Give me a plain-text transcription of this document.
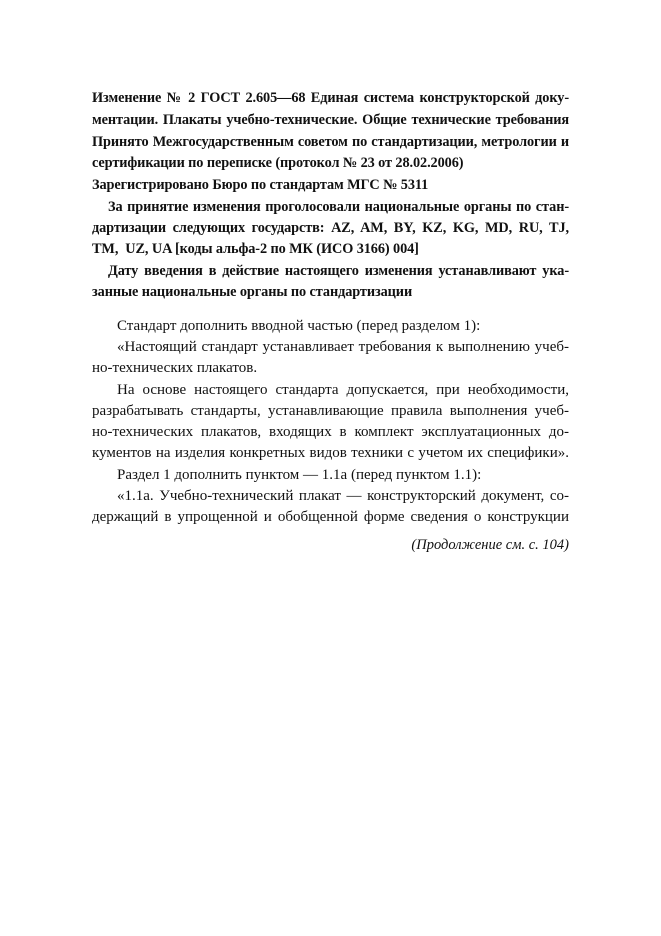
Изменение № 2 ГОСТ 2.605—68 Единая система конструкторской доку-
ментации. Плакаты учебно-технические. Общие технические требования
Принято Межгосударственным советом по стандартизации, метрологии и
сертификации по переписке (протокол № 23 от 28.02.2006)
Зарегистрировано Бюро по стандартам МГС № 5311
За принятие изменения проголосовали национальные органы по стан-
дартизации следующих государств: AZ, AM, BY, KZ, KG, MD, RU, TJ,
TM,  UZ, UA [коды альфа-2 по МК (ИСО 3166) 004]
Дату введения в действие настоящего изменения устанавливают ука-
занные национальные органы по стандартизации
Стандарт дополнить вводной частью (перед разделом 1):
«Настоящий стандарт устанавливает требования к выполнению учеб-
но-технических плакатов.
На основе настоящего стандарта допускается, при необходимости,
разрабатывать стандарты, устанавливающие правила выполнения учеб-
но-технических плакатов, входящих в комплект эксплуатационных до-
кументов на изделия конкретных видов техники с учетом их специфики».
Раздел 1 дополнить пунктом — 1.1а (перед пунктом 1.1):
«1.1а. Учебно-технический плакат — конструкторский документ, со-
держащий в упрощенной и обобщенной форме сведения о конструкции
(Продолжение см. с. 104)
